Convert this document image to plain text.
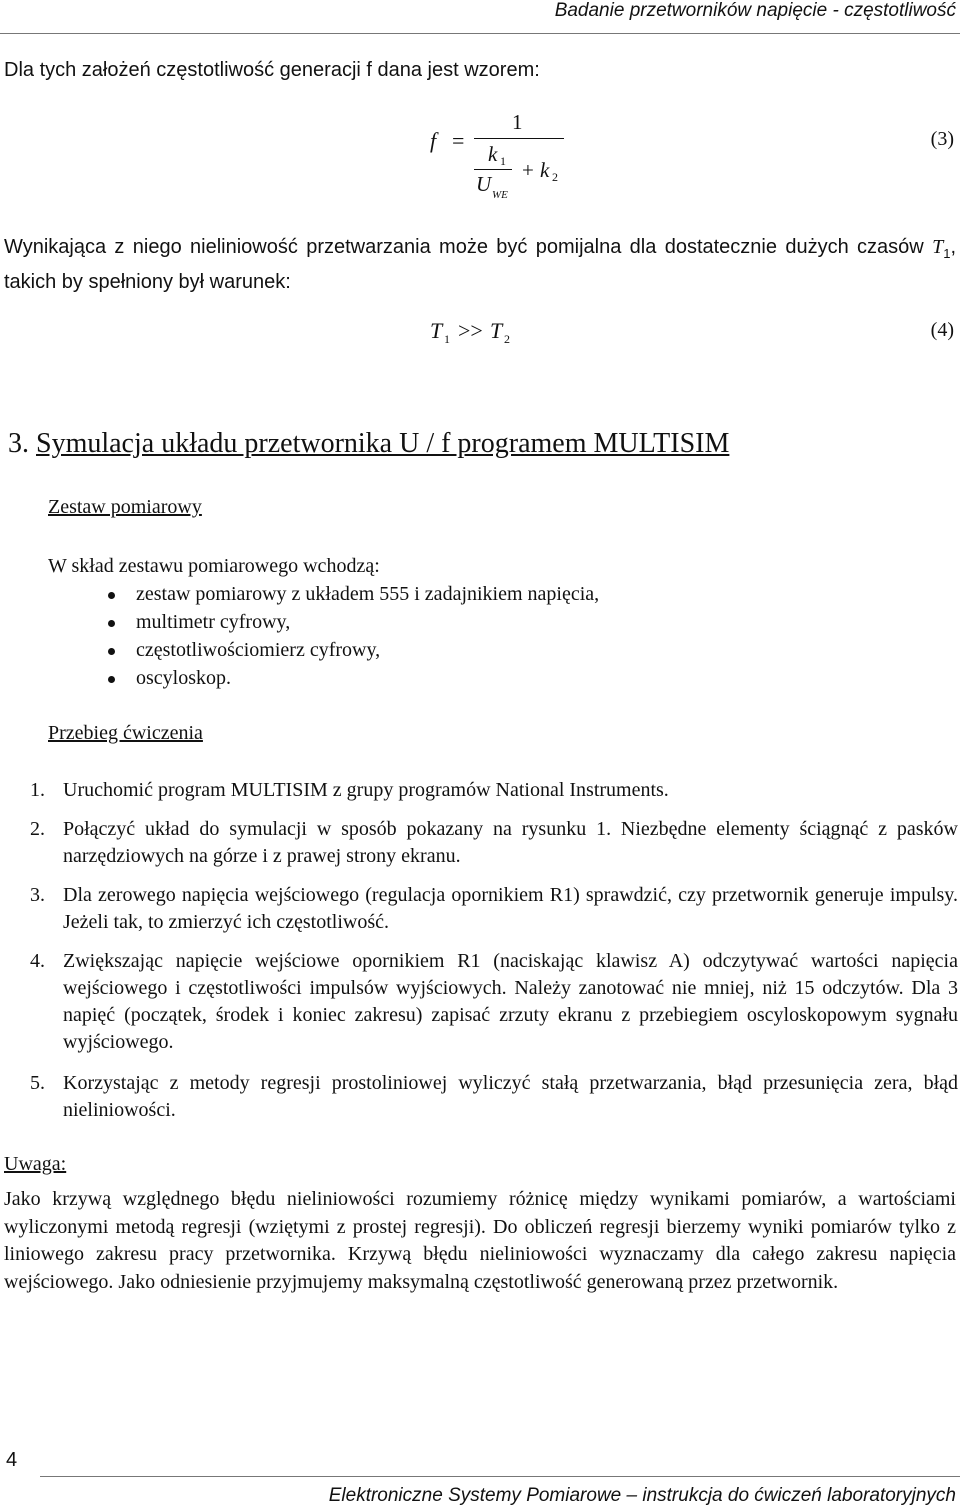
Badanie przetworników napięcie - częstotliwość
Dla tych założeń częstotliwość generacji f dana jest wzorem:
f =
1
k 1
U WE
+ k 2
(3)
Wynikająca z niego nieliniowość przetwarzania może być pomijalna dla dostatecznie dużych czasów $T_1$, takich by spełniony był warunek:
T 1 >> T 2	(4)
3. Symulacja układu przetwornika U / f programem MULTISIM
Zestaw pomiarowy
W skład zestawu pomiarowego wchodzą:
zestaw pomiarowy z układem 555 i zadajnikiem napięcia,
multimetr cyfrowy,
częstotliwościomierz cyfrowy,
oscyloskop.
Przebieg ćwiczenia
1. Uruchomić program MULTISIM z grupy programów National Instruments.
2. Połączyć układ do symulacji w sposób pokazany na rysunku 1. Niezbędne elementy ściągnąć z pasków narzędziowych na górze i z prawej strony ekranu.
3. Dla zerowego napięcia wejściowego (regulacja opornikiem R1) sprawdzić, czy przetwornik generuje impulsy. Jeżeli tak, to zmierzyć ich częstotliwość.
4. Zwiększając napięcie wejściowe opornikiem R1 (naciskając klawisz A) odczytywać wartości napięcia wejściowego i częstotliwości impulsów wyjściowych. Należy zanotować nie mniej, niż 15 odczytów. Dla 3 napięć (początek, środek i koniec zakresu) zapisać zrzuty ekranu z przebiegiem oscyloskopowym sygnału wyjściowego.
5. Korzystając z metody regresji prostoliniowej wyliczyć stałą przetwarzania, błąd przesunięcia zera, błąd nieliniowości.
Uwaga:
Jako krzywą względnego błędu nieliniowości rozumiemy różnicę między wynikami pomiarów, a wartościami wyliczonymi metodą regresji (wziętymi z prostej regresji). Do obliczeń regresji bierzemy wyniki pomiarów tylko z liniowego zakresu pracy przetwornika. Krzywą błędu nieliniowości wyznaczamy dla całego zakresu napięcia wejściowego. Jako odniesienie przyjmujemy maksymalną częstotliwość generowaną przez przetwornik.
4
Elektroniczne Systemy Pomiarowe – instrukcja do ćwiczeń laboratoryjnych
